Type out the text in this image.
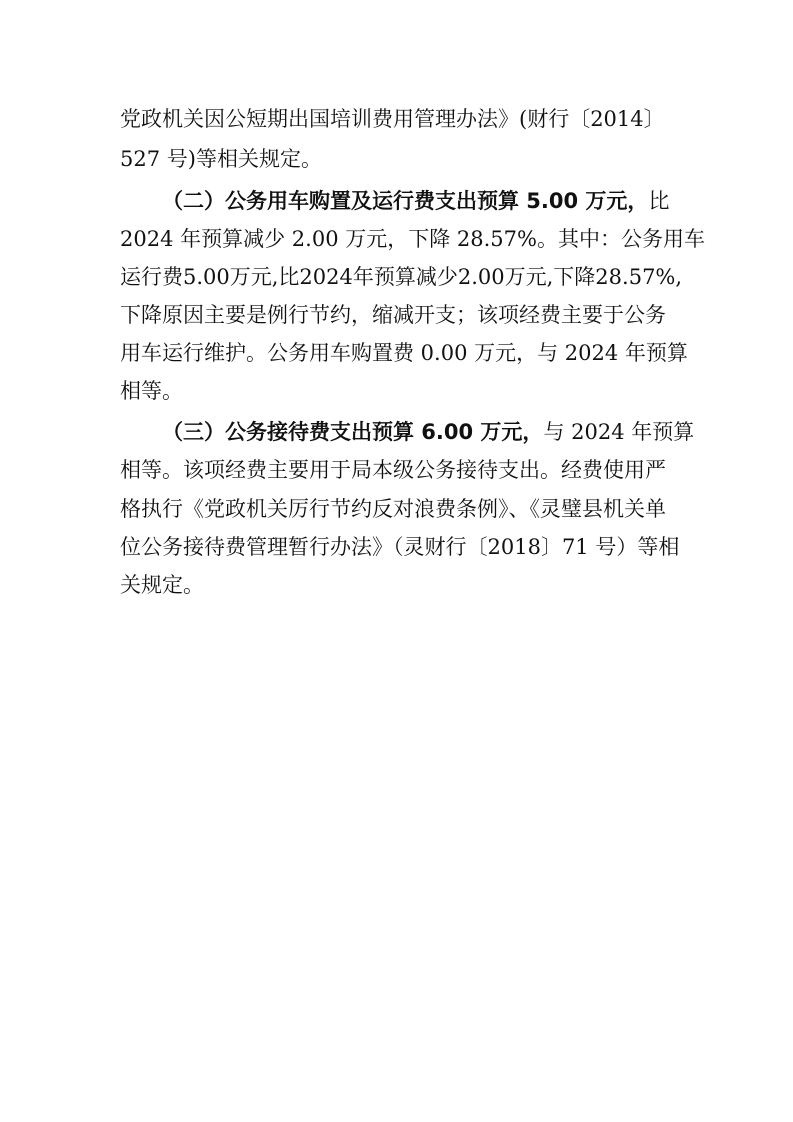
党政机关因公短期出国培训费用管理办法》(财行〔2014〕
527 号)等相关规定。
（二）公务用车购置及运行费支出预算 5.00 万元，比
2024 年预算减少 2.00 万元，下降 28.57%。其中：公务用车
运行费5.00万元,比2024年预算减少2.00万元,下降28.57%,
下降原因主要是例行节约，缩减开支；该项经费主要于公务
用车运行维护。公务用车购置费 0.00 万元，与 2024 年预算
相等。
（三）公务接待费支出预算 6.00 万元，与 2024 年预算
相等。该项经费主要用于局本级公务接待支出。经费使用严
格执行《党政机关厉行节约反对浪费条例》、《灵璧县机关单
位公务接待费管理暂行办法》（灵财行〔2018〕71 号）等相
关规定。
